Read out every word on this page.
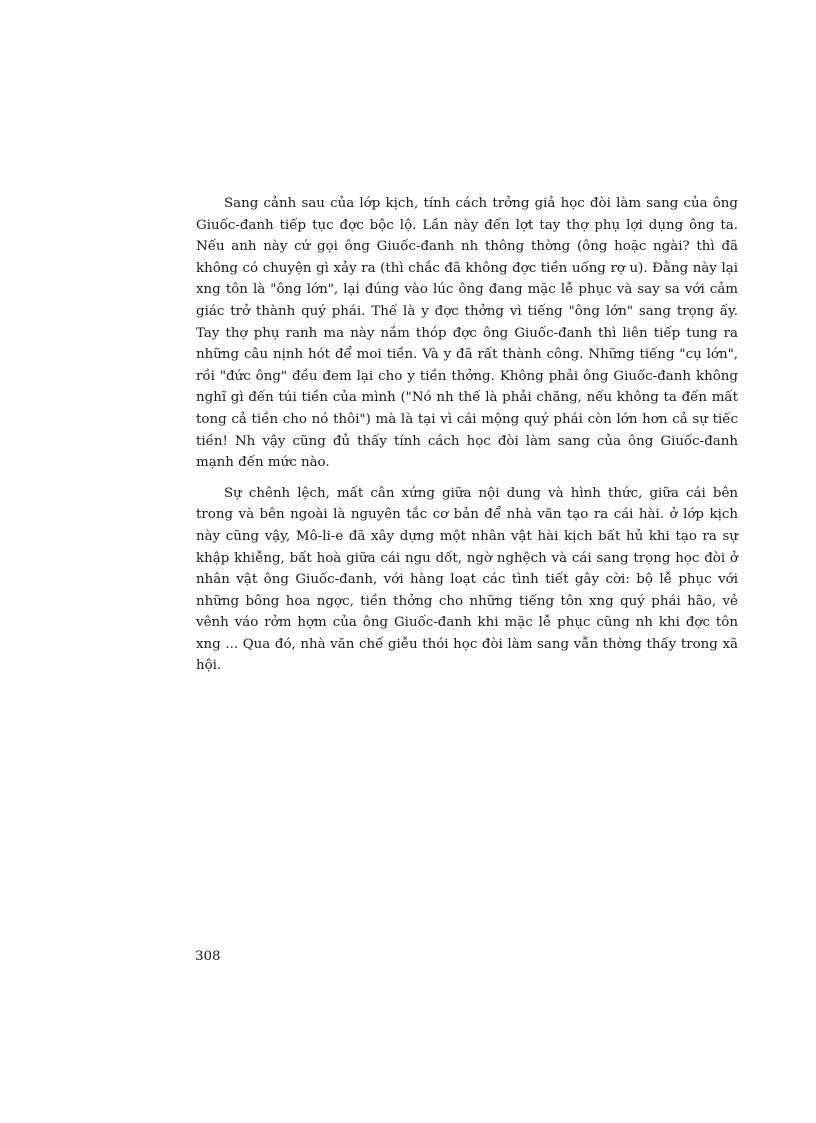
Sang cảnh sau của lớp kịch, tính cách trởng giả học đòi làm sang của ông Giuốc-đanh tiếp tục đợc bộc lộ. Lần này đến lợt tay thợ phụ lợi dụng ông ta. Nếu anh này cứ gọi ông Giuốc-đanh nh thông thờng (ông hoặc ngài? thì đã không có chuyện gì xảy ra (thì chắc đã không đợc tiền uống rợ u). Đằng này lại xng tôn là "ông lớn", lại đúng vào lúc ông đang mặc lễ phục và say sa với cảm giác trở thành quý phái. Thế là y đợc thởng vì tiếng "ông lớn" sang trọng ấy. Tay thợ phụ ranh ma này nắm thóp đợc ông Giuốc-đanh thì liên tiếp tung ra những câu nịnh hót để moi tiền. Và y đã rất thành công. Những tiếng "cụ lớn", rồi "đức ông" đều đem lại cho y tiền thởng. Không phải ông Giuốc-đanh không nghĩ gì đến túi tiền của mình ("Nó nh thế là phải chăng, nếu không ta đến mất tong cả tiền cho nó thôi") mà là tại vì cái mộng quý phái còn lớn hơn cả sự tiếc tiền! Nh vậy cũng đủ thấy tính cách học đòi làm sang của ông Giuốc-đanh mạnh đến mức nào.

Sự chênh lệch, mất cân xứng giữa nội dung và hình thức, giữa cái bên trong và bên ngoài là nguyên tắc cơ bản để nhà văn tạo ra cái hài. ở lớp kịch này cũng vậy, Mô-li-e đã xây dựng một nhân vật hài kịch bất hủ khi tạo ra sự khập khiễng, bất hoà giữa cái ngu dốt, ngờ nghệch và cái sang trọng học đòi ở nhân vật ông Giuốc-đanh, với hàng loạt các tình tiết gây cời: bộ lễ phục với những bông hoa ngợc, tiền thởng cho những tiếng tôn xng quý phái hão, vẻ vênh váo rởm hợm của ông Giuốc-đanh khi mặc lễ phục cũng nh khi đợc tôn xng ... Qua đó, nhà văn chế giễu thói học đòi làm sang vẫn thờng thấy trong xã hội.

308
